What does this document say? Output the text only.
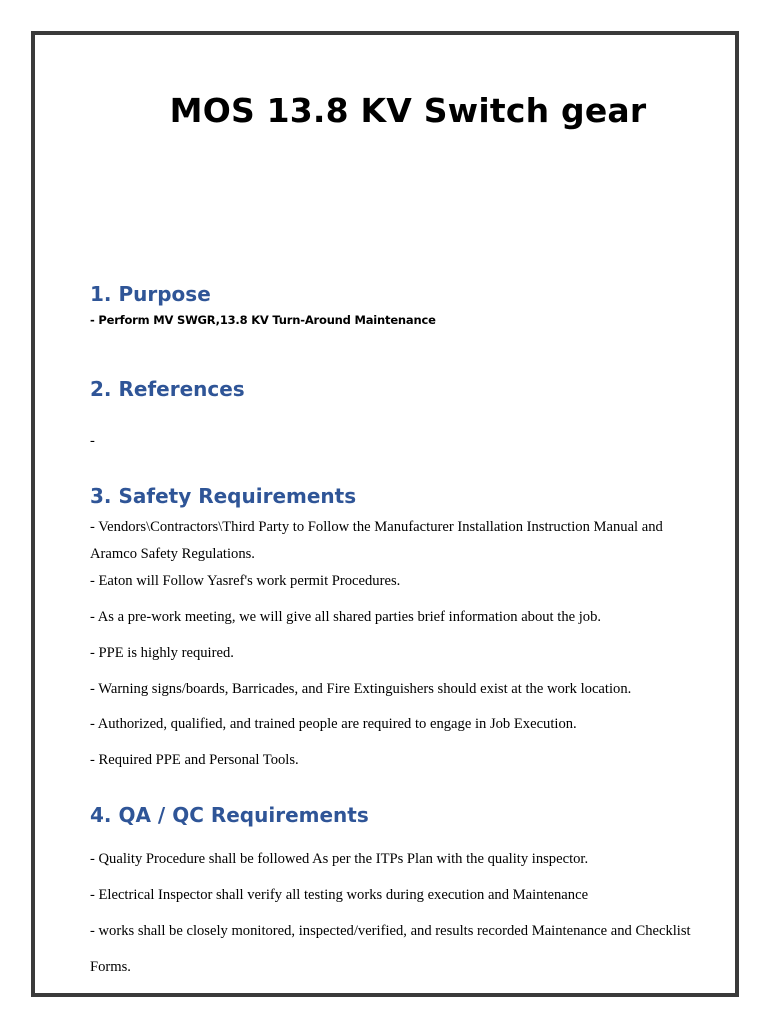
MOS 13.8 KV Switch gear
1. Purpose

- Perform MV SWGR,13.8 KV Turn-Around Maintenance

2. References

-

3. Safety Requirements

- Vendors\Contractors\Third Party to Follow the Manufacturer Installation Instruction Manual and

Aramco Safety Regulations.

- Eaton will Follow Yasref's work permit Procedures.

- As a pre-work meeting, we will give all shared parties brief information about the job.

- PPE is highly required.

- Warning signs/boards, Barricades, and Fire Extinguishers should exist at the work location.

- Authorized, qualified, and trained people are required to engage in Job Execution.

- Required PPE and Personal Tools.

4. QA / QC Requirements

- Quality Procedure shall be followed As per the ITPs Plan with the quality inspector.

- Electrical Inspector shall verify all testing works during execution and Maintenance

- works shall be closely monitored, inspected/verified, and results recorded Maintenance and Checklist

Forms.
